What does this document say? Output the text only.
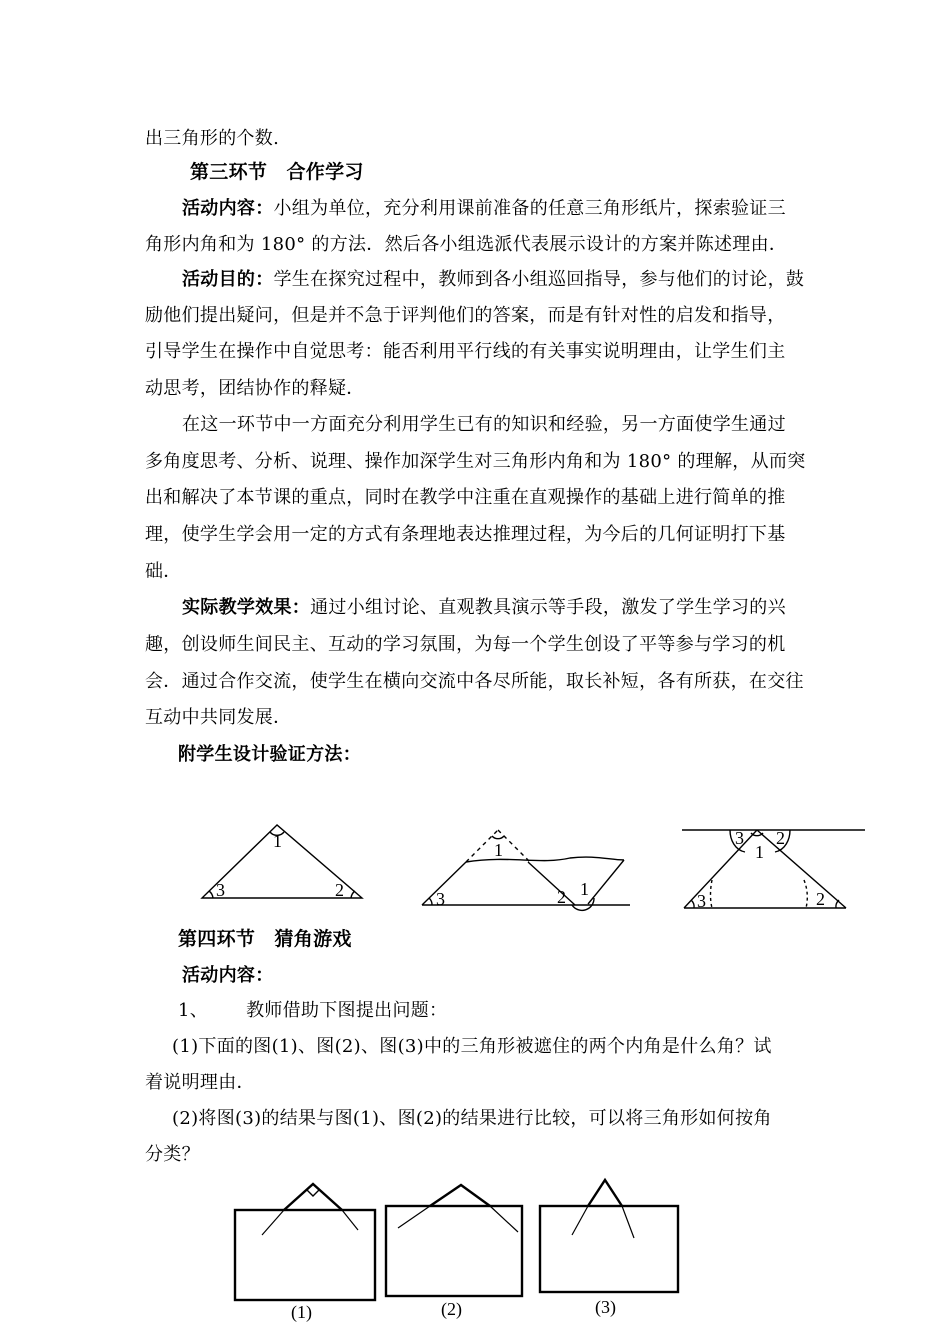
出三角形的个数.
第三环节　合作学习
活动内容：小组为单位，充分利用课前准备的任意三角形纸片，探索验证三
角形内角和为 180° 的方法．然后各小组选派代表展示设计的方案并陈述理由．
活动目的：学生在探究过程中，教师到各小组巡回指导，参与他们的讨论，鼓
励他们提出疑问，但是并不急于评判他们的答案，而是有针对性的启发和指导，
引导学生在操作中自觉思考：能否利用平行线的有关事实说明理由，让学生们主
动思考，团结协作的释疑．
在这一环节中一方面充分利用学生已有的知识和经验，另一方面使学生通过
多角度思考、分析、说理、操作加深学生对三角形内角和为 180° 的理解，从而突
出和解决了本节课的重点，同时在教学中注重在直观操作的基础上进行简单的推
理，使学生学会用一定的方式有条理地表达推理过程，为今后的几何证明打下基
础．
实际教学效果：通过小组讨论、直观教具演示等手段，激发了学生学习的兴
趣，创设师生间民主、互动的学习氛围，为每一个学生创设了平等参与学习的机
会．通过合作交流，使学生在横向交流中各尽所能，取长补短，各有所获，在交往
互动中共同发展．
附学生设计验证方法：
1
2
3
1
1
2
3
3 2
1
3	2
第四环节　猜角游戏
活动内容：
1、 教师借助下图提出问题：
(1)下面的图(1)、图(2)、图(3)中的三角形被遮住的两个内角是什么角？试
着说明理由．
(2)将图(3)的结果与图(1)、图(2)的结果进行比较，可以将三角形如何按角
分类？
(1)	(2)	(3)
